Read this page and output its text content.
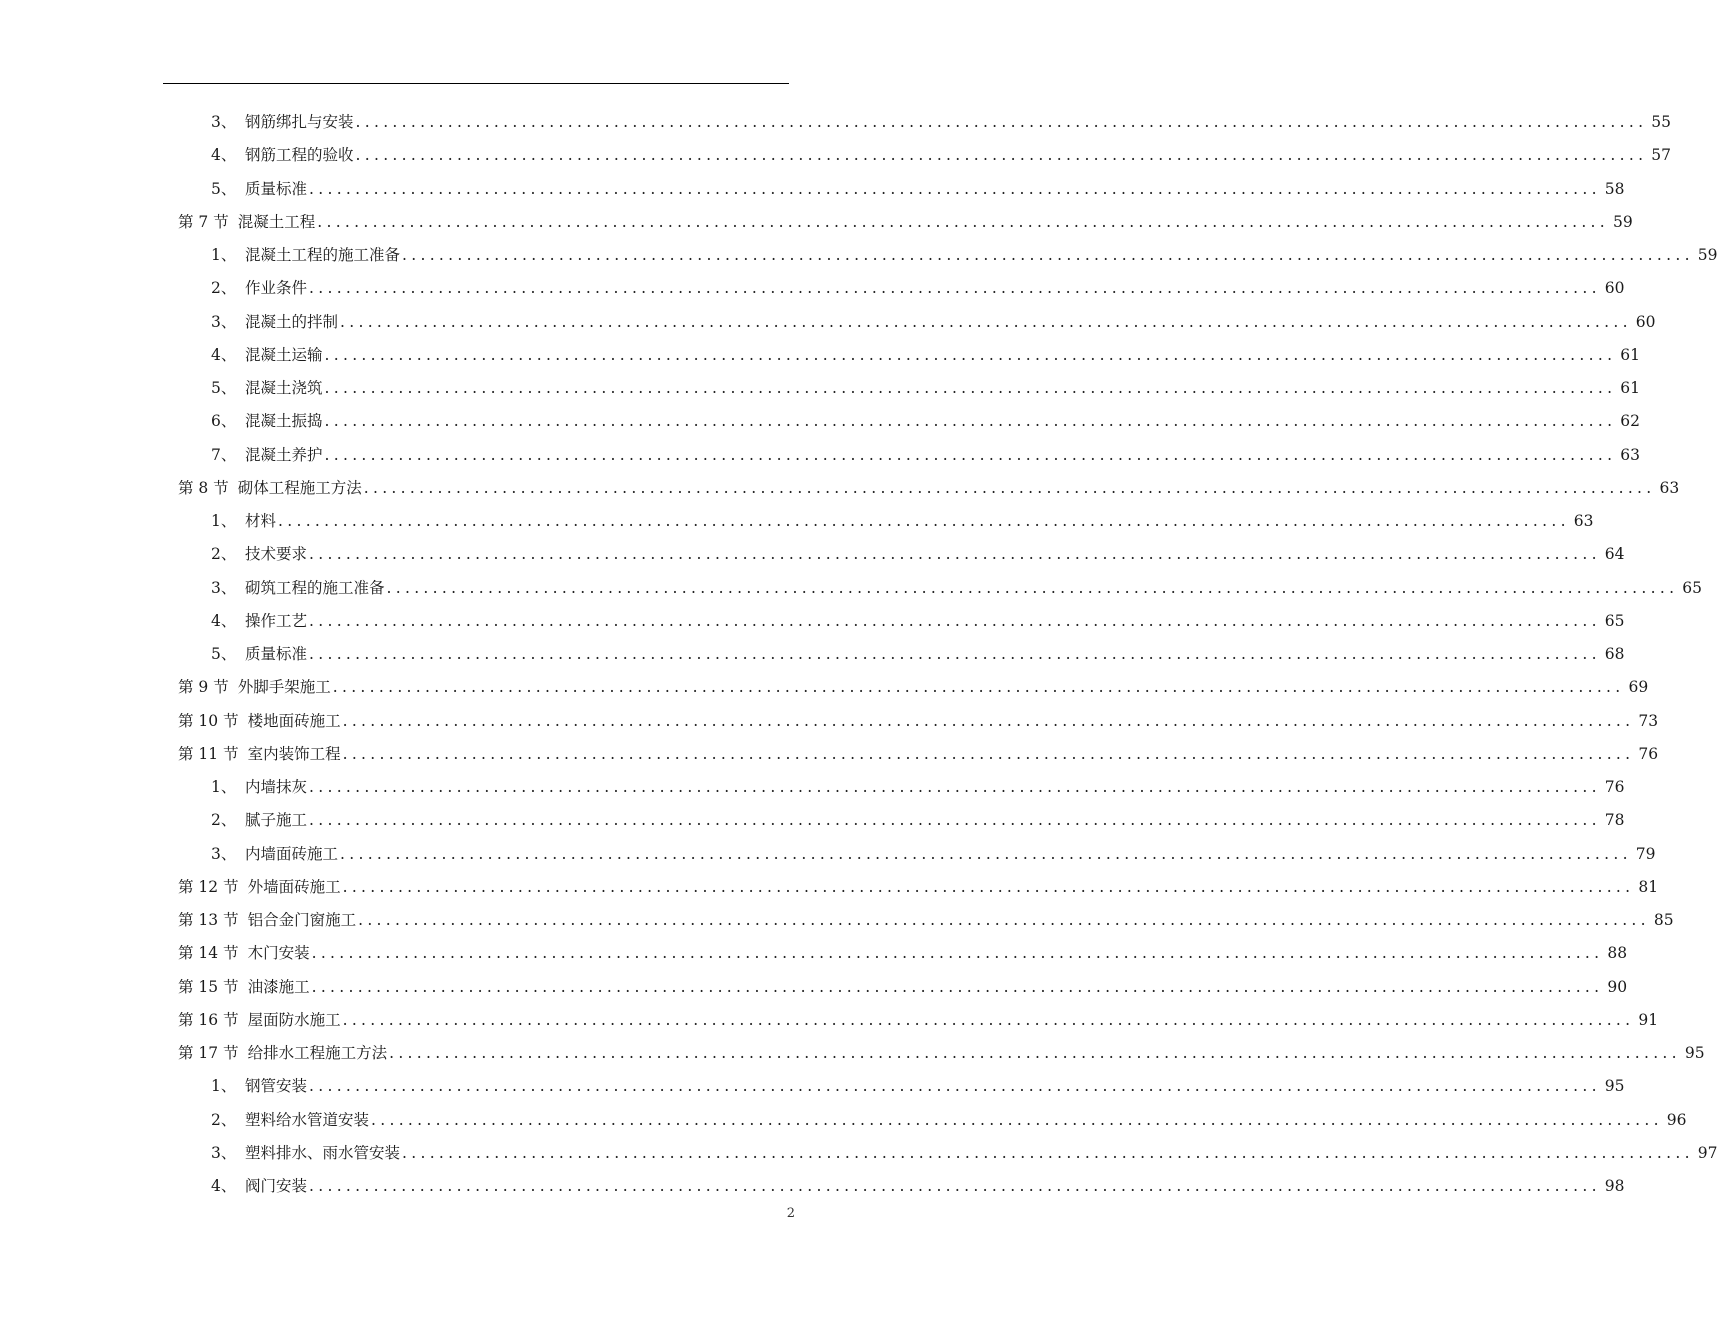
3、 钢筋绑扎与安装 ............................................................................................................................................ 55
4、 钢筋工程的验收 ............................................................................................................................................ 57
5、 质量标准 ............................................................................................................................................ 58
第 7 节 混凝土工程 ............................................................................................................................................ 59
1、 混凝土工程的施工准备 ............................................................................................................................................ 59
2、 作业条件 ............................................................................................................................................ 60
3、 混凝土的拌制 ............................................................................................................................................ 60
4、 混凝土运输 ............................................................................................................................................ 61
5、 混凝土浇筑 ............................................................................................................................................ 61
6、 混凝土振捣 ............................................................................................................................................ 62
7、 混凝土养护 ............................................................................................................................................ 63
第 8 节 砌体工程施工方法 ............................................................................................................................................ 63
1、 材料 ............................................................................................................................................ 63
2、 技术要求 ............................................................................................................................................ 64
3、 砌筑工程的施工准备 ............................................................................................................................................ 65
4、 操作工艺 ............................................................................................................................................ 65
5、 质量标准 ............................................................................................................................................ 68
第 9 节 外脚手架施工 ............................................................................................................................................ 69
第 10 节 楼地面砖施工 ............................................................................................................................................ 73
第 11 节 室内装饰工程 ............................................................................................................................................ 76
1、 内墙抹灰 ............................................................................................................................................ 76
2、 腻子施工 ............................................................................................................................................ 78
3、 内墙面砖施工 ............................................................................................................................................ 79
第 12 节 外墙面砖施工 ............................................................................................................................................ 81
第 13 节 铝合金门窗施工 ............................................................................................................................................ 85
第 14 节 木门安装 ............................................................................................................................................ 88
第 15 节 油漆施工 ............................................................................................................................................ 90
第 16 节 屋面防水施工 ............................................................................................................................................ 91
第 17 节 给排水工程施工方法 ............................................................................................................................................ 95
1、 钢管安装 ............................................................................................................................................ 95
2、 塑料给水管道安装 ............................................................................................................................................ 96
3、 塑料排水、雨水管安装 ............................................................................................................................................ 97
4、 阀门安装 ............................................................................................................................................ 98
2
